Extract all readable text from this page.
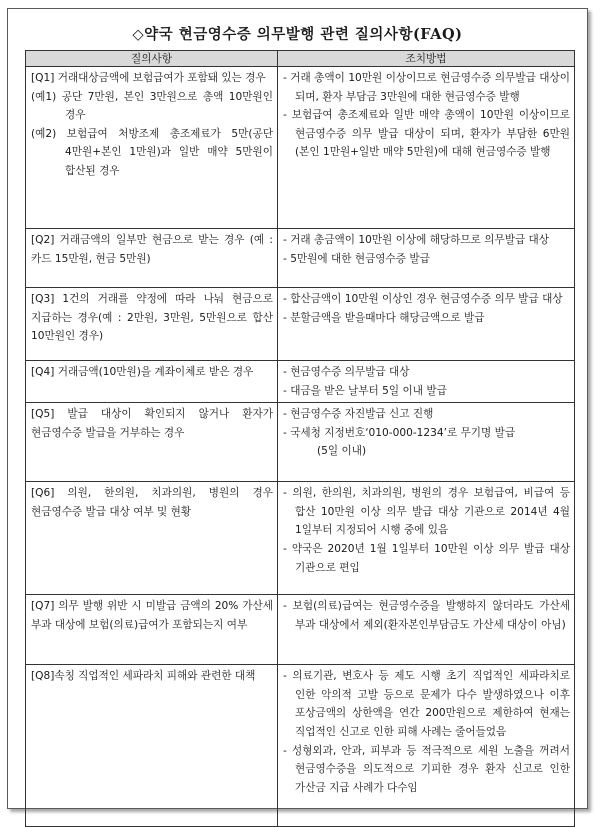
◇약국 현금영수증 의무발행 관련 질의사항(FAQ)
질의사항	조치방법

[Q1] 거래대상금액에 보험급여가 포함돼 있는 경우
(예1) 공단 7만원, 본인 3만원으로 총액 10만원인 경우
(예2) 보험급여 처방조제 총조제료가 5만(공단 4만원+본인 1만원)과 일반 매약 5만원이 합산된 경우	- 거래 총액이 10만원 이상이므로 현금영수증 의무발급 대상이 되며, 환자 부담금 3만원에 대한 현금영수증 발행
- 보험급여 총조제료와 일반 매약 총액이 10만원 이상이므로 현금영수증 의무 발급 대상이 되며, 환자가 부담한 6만원(본인 1만원+일반 매약 5만원)에 대해 현금영수증 발행

[Q2] 거래금액의 일부만 현금으로 받는 경우 (예 : 카드 15만원, 현금 5만원)	- 거래 총금액이 10만원 이상에 해당하므로 의무발급 대상
- 5만원에 대한 현금영수증 발급

[Q3] 1건의 거래를 약정에 따라 나눠 현금으로 지급하는 경우(예 : 2만원, 3만원, 5만원으로 합산 10만원인 경우)	- 합산금액이 10만원 이상인 경우 현금영수증 의무 발급 대상
- 분할금액을 받을때마다 해당금액으로 발급

[Q4] 거래금액(10만원)을 계좌이체로 받은 경우	- 현금영수증 의무발급 대상
- 대금을 받은 날부터 5일 이내 발급

[Q5] 발급 대상이 확인되지 않거나 환자가 현금영수증 발급을 거부하는 경우	- 현금영수증 자진발급 신고 진행
- 국세청 지정번호‘010-000-1234’로 무기명 발급
(5일 이내)

[Q6] 의원, 한의원, 치과의원, 병원의 경우 현금영수증 발급 대상 여부 및 현황	- 의원, 한의원, 치과의원, 병원의 경우 보험급여, 비급여 등 합산 10만원 이상 의무 발급 대상 기관으로 2014년 4월 1일부터 지정되어 시행 중에 있음
- 약국은 2020년 1월 1일부터 10만원 이상 의무 발급 대상 기관으로 편입

[Q7] 의무 발행 위반 시 미발급 금액의 20% 가산세 부과 대상에 보험(의료)급여가 포함되는지 여부	- 보험(의료)급여는 현금영수증을 발행하지 않더라도 가산세 부과 대상에서 제외(환자본인부담금도 가산세 대상이 아님)

[Q8]속칭 직업적인 세파라치 피해와 관련한 대책	- 의료기관, 변호사 등 제도 시행 초기 직업적인 세파라치로 인한 악의적 고발 등으로 문제가 다수 발생하였으나 이후 포상금액의 상한액을 연간 200만원으로 제한하여 현재는 직업적인 신고로 인한 피해 사례는 줄어들었음
- 성형외과, 안과, 피부과 등 적극적으로 세원 노출을 꺼려서 현금영수증을 의도적으로 기피한 경우 환자 신고로 인한 가산금 지급 사례가 다수임
